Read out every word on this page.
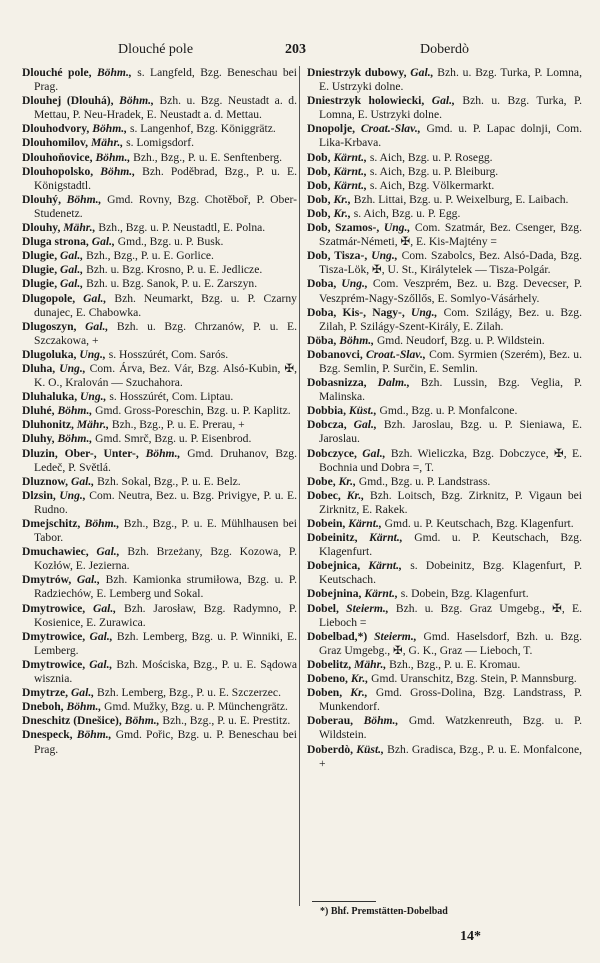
Dlouché pole	203	Doberdò

Dlouché pole, Böhm., s. Langfeld, Bzg. Beneschau bei Prag.

Dlouhej (Dlouhá), Böhm., Bzh. u. Bzg. Neustadt a. d. Mettau, P. Neu-Hradek, E. Neustadt a. d. Mettau.

Dlouhodvory, Böhm., s. Langenhof, Bzg. Königgrätz.

Dlouhomilov, Mähr., s. Lomigsdorf.

Dlouhoňovice, Böhm., Bzh., Bzg., P. u. E. Senftenberg.

Dlouhopolsko, Böhm., Bzh. Poděbrad, Bzg., P. u. E. Königstadtl.

Dlouhý, Böhm., Gmd. Rovny, Bzg. Chotěboř, P. Ober-Studenetz.

Dlouhy, Mähr., Bzh., Bzg. u. P. Neustadtl, E. Polna.

Dluga strona, Gal., Gmd., Bzg. u. P. Busk.

Dlugie, Gal., Bzh., Bzg., P. u. E. Gorlice.

Dlugie, Gal., Bzh. u. Bzg. Krosno, P. u. E. Jedlicze.

Dlugie, Gal., Bzh. u. Bzg. Sanok, P. u. E. Zarszyn.

Dlugopole, Gal., Bzh. Neumarkt, Bzg. u. P. Czarny dunajec, E. Chabowka.

Dlugoszyn, Gal., Bzh. u. Bzg. Chrzanów, P. u. E. Szczakowa, +

Dlugoluka, Ung., s. Hosszúrét, Com. Sarós.

Dluha, Ung., Com. Árva, Bez. Vár, Bzg. Alsó-Kubin, ✠, K. O., Kralován — Szuchahora.

Dluhaluka, Ung., s. Hosszúrét, Com. Liptau.

Dluhé, Böhm., Gmd. Gross-Poreschin, Bzg. u. P. Kaplitz.

Dluhonitz, Mähr., Bzh., Bzg., P. u. E. Prerau, +

Dluhy, Böhm., Gmd. Smrč, Bzg. u. P. Eisenbrod.

Dluzin, Ober-, Unter-, Böhm., Gmd. Druhanov, Bzg. Ledeč, P. Světlá.

Dluznow, Gal., Bzh. Sokal, Bzg., P. u. E. Belz.

Dlzsin, Ung., Com. Neutra, Bez. u. Bzg. Privigye, P. u. E. Rudno.

Dmejschitz, Böhm., Bzh., Bzg., P. u. E. Mühlhausen bei Tabor.

Dmuchawiec, Gal., Bzh. Brzeżany, Bzg. Kozowa, P. Kozłów, E. Jezierna.

Dmytrów, Gal., Bzh. Kamionka strumiłowa, Bzg. u. P. Radziechów, E. Lemberg und Sokal.

Dmytrowice, Gal., Bzh. Jarosław, Bzg. Radymno, P. Kosienice, E. Zurawica.

Dmytrowice, Gal., Bzh. Lemberg, Bzg. u. P. Winniki, E. Lemberg.

Dmytrowice, Gal., Bzh. Mościska, Bzg., P. u. E. Sądowa wisznia.

Dmytrze, Gal., Bzh. Lemberg, Bzg., P. u. E. Szczerzec.

Dneboh, Böhm., Gmd. Mužky, Bzg. u. P. Münchengrätz.

Dneschitz (Dnešice), Böhm., Bzh., Bzg., P. u. E. Prestitz.

Dnespeck, Böhm., Gmd. Pořic, Bzg. u. P. Beneschau bei Prag.

Dniestrzyk dubowy, Gal., Bzh. u. Bzg. Turka, P. Lomna, E. Ustrzyki dolne.

Dniestrzyk holowiecki, Gal., Bzh. u. Bzg. Turka, P. Lomna, E. Ustrzyki dolne.

Dnopolje, Croat.-Slav., Gmd. u. P. Lapac dolnji, Com. Lika-Krbava.

Dob, Kärnt., s. Aich, Bzg. u. P. Rosegg.

Dob, Kärnt., s. Aich, Bzg. u. P. Bleiburg.

Dob, Kärnt., s. Aich, Bzg. Völkermarkt.

Dob, Kr., Bzh. Littai, Bzg. u. P. Weixelburg, E. Laibach.

Dob, Kr., s. Aich, Bzg. u. P. Egg.

Dob, Szamos-, Ung., Com. Szatmár, Bez. Csenger, Bzg. Szatmár-Németi, ✠, E. Kis-Majtény =

Dob, Tisza-, Ung., Com. Szabolcs, Bez. Alsó-Dada, Bzg. Tisza-Lök, ✠, U. St., Királytelek — Tisza-Polgár.

Doba, Ung., Com. Veszprém, Bez. u. Bzg. Devecser, P. Veszprém-Nagy-Szőllős, E. Somlyo-Vásárhely.

Doba, Kis-, Nagy-, Ung., Com. Szilágy, Bez. u. Bzg. Zilah, P. Szilágy-Szent-Király, E. Zilah.

Döba, Böhm., Gmd. Neudorf, Bzg. u. P. Wildstein.

Dobanovci, Croat.-Slav., Com. Syrmien (Szerém), Bez. u. Bzg. Semlin, P. Surčin, E. Semlin.

Dobasnizza, Dalm., Bzh. Lussin, Bzg. Veglia, P. Malinska.

Dobbia, Küst., Gmd., Bzg. u. P. Monfalcone.

Dobcza, Gal., Bzh. Jaroslau, Bzg. u. P. Sieniawa, E. Jaroslau.

Dobczyce, Gal., Bzh. Wieliczka, Bzg. Dobczyce, ✠, E. Bochnia und Dobra =, T.

Dobe, Kr., Gmd., Bzg. u. P. Landstrass.

Dobec, Kr., Bzh. Loitsch, Bzg. Zirknitz, P. Vigaun bei Zirknitz, E. Rakek.

Dobein, Kärnt., Gmd. u. P. Keutschach, Bzg. Klagenfurt.

Dobeinitz, Kärnt., Gmd. u. P. Keutschach, Bzg. Klagenfurt.

Dobejnica, Kärnt., s. Dobeinitz, Bzg. Klagenfurt, P. Keutschach.

Dobejnina, Kärnt., s. Dobein, Bzg. Klagenfurt.

Dobel, Steierm., Bzh. u. Bzg. Graz Umgebg., ✠, E. Lieboch =

Dobelbad,*) Steierm., Gmd. Haselsdorf, Bzh. u. Bzg. Graz Umgebg., ✠, G. K., Graz — Lieboch, T.

Dobelitz, Mähr., Bzh., Bzg., P. u. E. Kromau.

Dobeno, Kr., Gmd. Uranschitz, Bzg. Stein, P. Mannsburg.

Doben, Kr., Gmd. Gross-Dolina, Bzg. Landstrass, P. Munkendorf.

Doberau, Böhm., Gmd. Watzkenreuth, Bzg. u. P. Wildstein.

Doberdò, Küst., Bzh. Gradisca, Bzg., P. u. E. Monfalcone, +

*) Bhf. Premstätten-Dobelbad
14*
